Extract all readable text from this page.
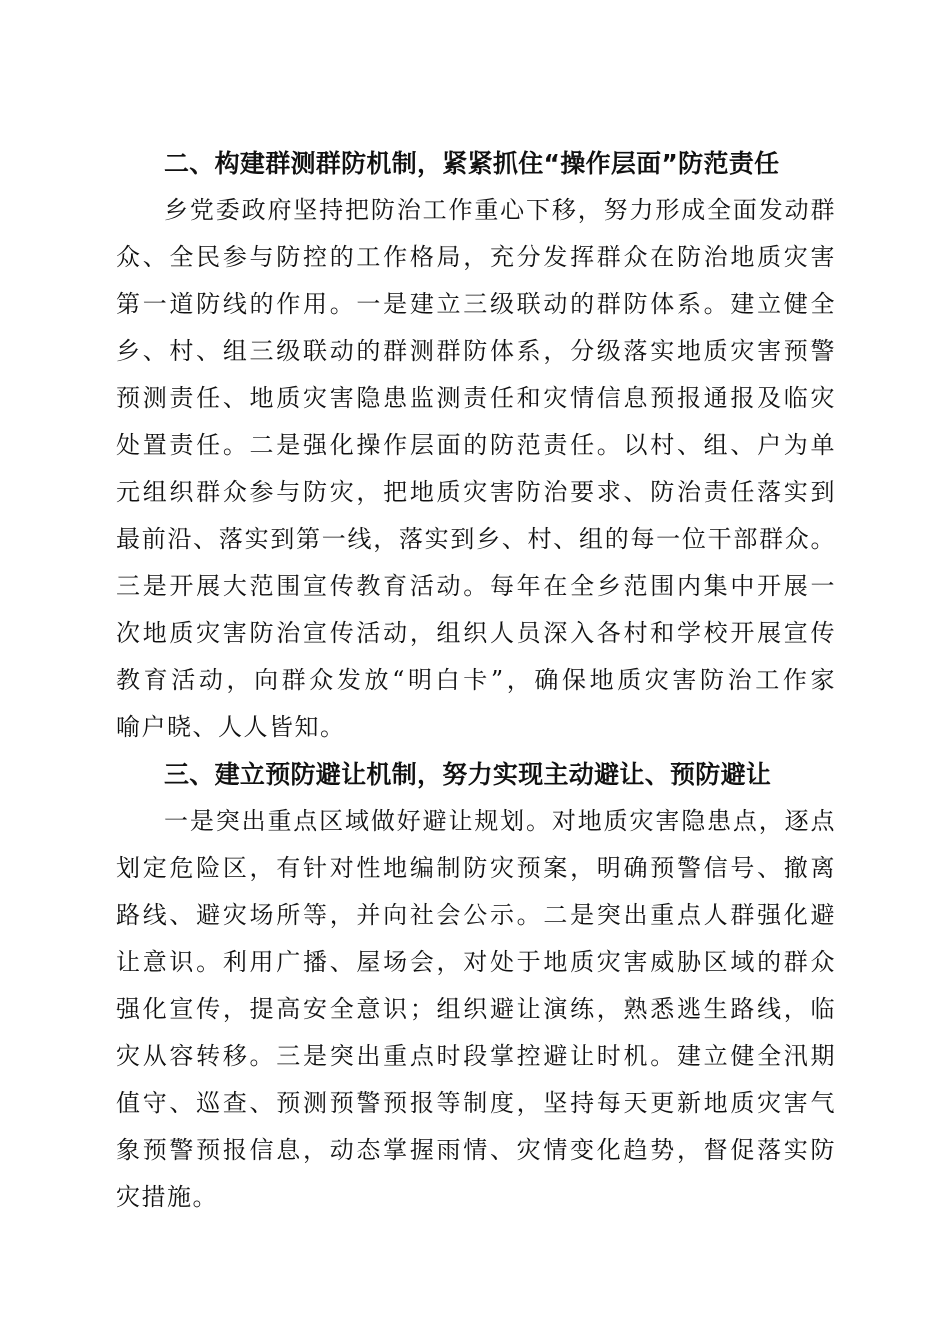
二、构建群测群防机制，紧紧抓住“操作层面”防范责任
乡党委政府坚持把防治工作重心下移，努力形成全面发动群
众、全民参与防控的工作格局，充分发挥群众在防治地质灾害
第一道防线的作用。一是建立三级联动的群防体系。建立健全
乡、村、组三级联动的群测群防体系，分级落实地质灾害预警
预测责任、地质灾害隐患监测责任和灾情信息预报通报及临灾
处置责任。二是强化操作层面的防范责任。以村、组、户为单
元组织群众参与防灾，把地质灾害防治要求、防治责任落实到
最前沿、落实到第一线，落实到乡、村、组的每一位干部群众。
三是开展大范围宣传教育活动。每年在全乡范围内集中开展一
次地质灾害防治宣传活动，组织人员深入各村和学校开展宣传
教育活动，向群众发放“明白卡”，确保地质灾害防治工作家
喻户晓、人人皆知。
三、建立预防避让机制，努力实现主动避让、预防避让
一是突出重点区域做好避让规划。对地质灾害隐患点，逐点
划定危险区，有针对性地编制防灾预案，明确预警信号、撤离
路线、避灾场所等，并向社会公示。二是突出重点人群强化避
让意识。利用广播、屋场会，对处于地质灾害威胁区域的群众
强化宣传，提高安全意识；组织避让演练，熟悉逃生路线，临
灾从容转移。三是突出重点时段掌控避让时机。建立健全汛期
值守、巡查、预测预警预报等制度，坚持每天更新地质灾害气
象预警预报信息，动态掌握雨情、灾情变化趋势，督促落实防
灾措施。
